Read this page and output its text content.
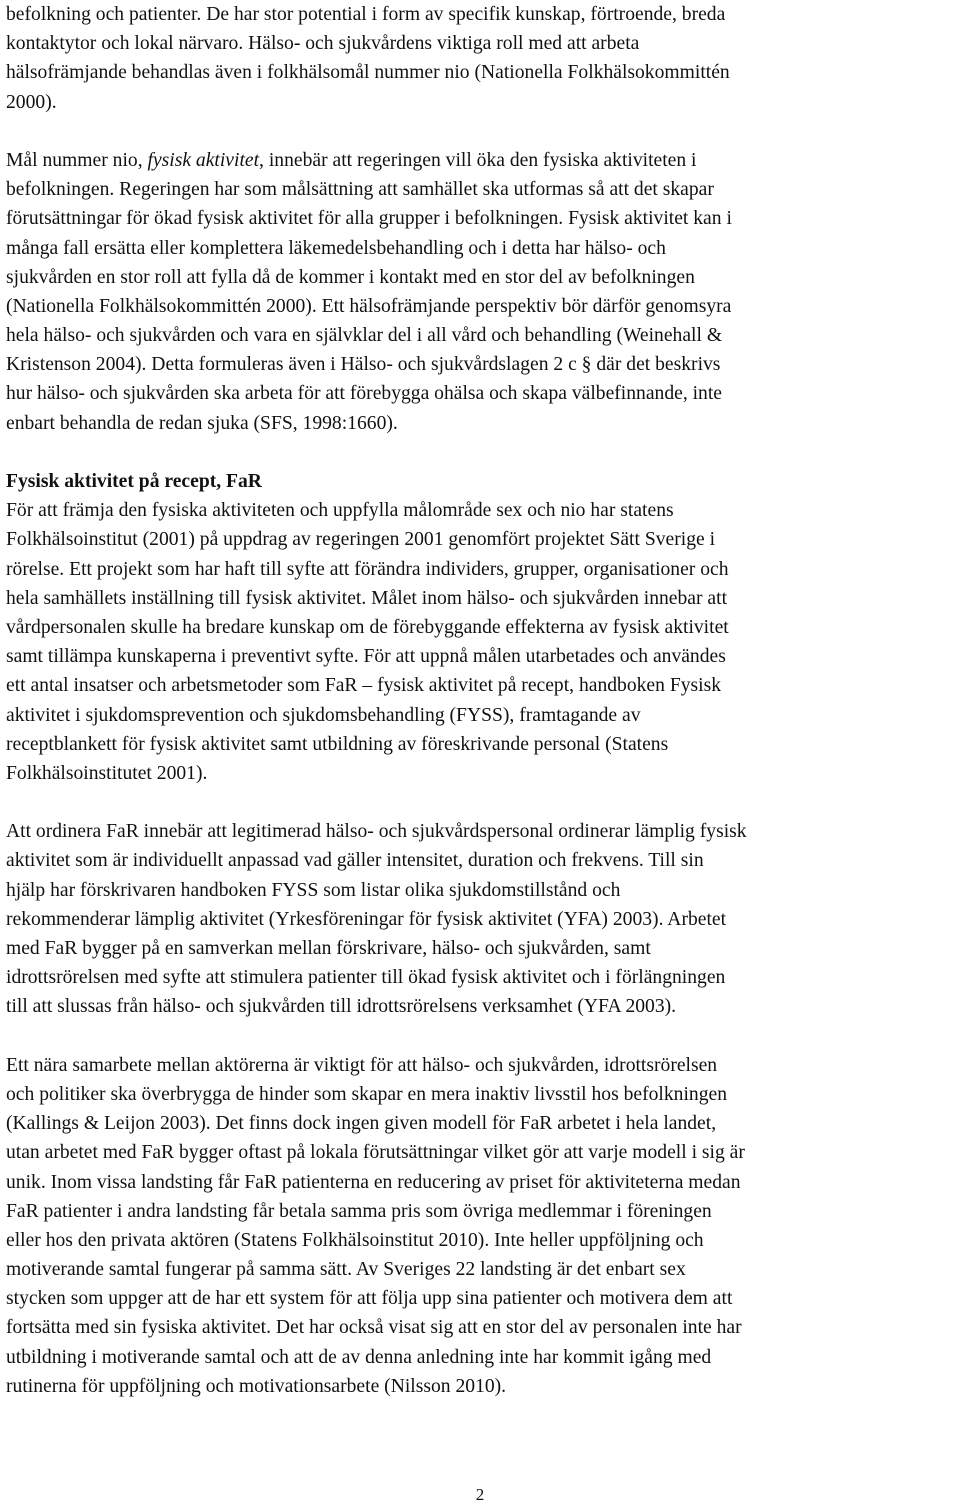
befolkning och patienter. De har stor potential i form av specifik kunskap, förtroende, breda
kontaktytor och lokal närvaro. Hälso- och sjukvårdens viktiga roll med att arbeta
hälsofrämjande behandlas även i folkhälsomål nummer nio (Nationella Folkhälsokommittén
2000).
Mål nummer nio, fysisk aktivitet, innebär att regeringen vill öka den fysiska aktiviteten i
befolkningen. Regeringen har som målsättning att samhället ska utformas så att det skapar
förutsättningar för ökad fysisk aktivitet för alla grupper i befolkningen. Fysisk aktivitet kan i
många fall ersätta eller komplettera läkemedelsbehandling och i detta har hälso- och
sjukvården en stor roll att fylla då de kommer i kontakt med en stor del av befolkningen
(Nationella Folkhälsokommittén 2000). Ett hälsofrämjande perspektiv bör därför genomsyra
hela hälso- och sjukvården och vara en självklar del i all vård och behandling (Weinehall &
Kristenson 2004). Detta formuleras även i Hälso- och sjukvårdslagen 2 c § där det beskrivs
hur hälso- och sjukvården ska arbeta för att förebygga ohälsa och skapa välbefinnande, inte
enbart behandla de redan sjuka (SFS, 1998:1660).
Fysisk aktivitet på recept, FaR
För att främja den fysiska aktiviteten och uppfylla målområde sex och nio har statens
Folkhälsoinstitut (2001) på uppdrag av regeringen 2001 genomfört projektet Sätt Sverige i
rörelse. Ett projekt som har haft till syfte att förändra individers, grupper, organisationer och
hela samhällets inställning till fysisk aktivitet. Målet inom hälso- och sjukvården innebar att
vårdpersonalen skulle ha bredare kunskap om de förebyggande effekterna av fysisk aktivitet
samt tillämpa kunskaperna i preventivt syfte. För att uppnå målen utarbetades och användes
ett antal insatser och arbetsmetoder som FaR – fysisk aktivitet på recept, handboken Fysisk
aktivitet i sjukdomsprevention och sjukdomsbehandling (FYSS), framtagande av
receptblankett för fysisk aktivitet samt utbildning av föreskrivande personal (Statens
Folkhälsoinstitutet 2001).
Att ordinera FaR innebär att legitimerad hälso- och sjukvårdspersonal ordinerar lämplig fysisk
aktivitet som är individuellt anpassad vad gäller intensitet, duration och frekvens. Till sin
hjälp har förskrivaren handboken FYSS som listar olika sjukdomstillstånd och
rekommenderar lämplig aktivitet (Yrkesföreningar för fysisk aktivitet (YFA) 2003). Arbetet
med FaR bygger på en samverkan mellan förskrivare, hälso- och sjukvården, samt
idrottsrörelsen med syfte att stimulera patienter till ökad fysisk aktivitet och i förlängningen
till att slussas från hälso- och sjukvården till idrottsrörelsens verksamhet (YFA 2003).
Ett nära samarbete mellan aktörerna är viktigt för att hälso- och sjukvården, idrottsrörelsen
och politiker ska överbrygga de hinder som skapar en mera inaktiv livsstil hos befolkningen
(Kallings & Leijon 2003). Det finns dock ingen given modell för FaR arbetet i hela landet,
utan arbetet med FaR bygger oftast på lokala förutsättningar vilket gör att varje modell i sig är
unik. Inom vissa landsting får FaR patienterna en reducering av priset för aktiviteterna medan
FaR patienter i andra landsting får betala samma pris som övriga medlemmar i föreningen
eller hos den privata aktören (Statens Folkhälsoinstitut 2010). Inte heller uppföljning och
motiverande samtal fungerar på samma sätt. Av Sveriges 22 landsting är det enbart sex
stycken som uppger att de har ett system för att följa upp sina patienter och motivera dem att
fortsätta med sin fysiska aktivitet. Det har också visat sig att en stor del av personalen inte har
utbildning i motiverande samtal och att de av denna anledning inte har kommit igång med
rutinerna för uppföljning och motivationsarbete (Nilsson 2010).
2
